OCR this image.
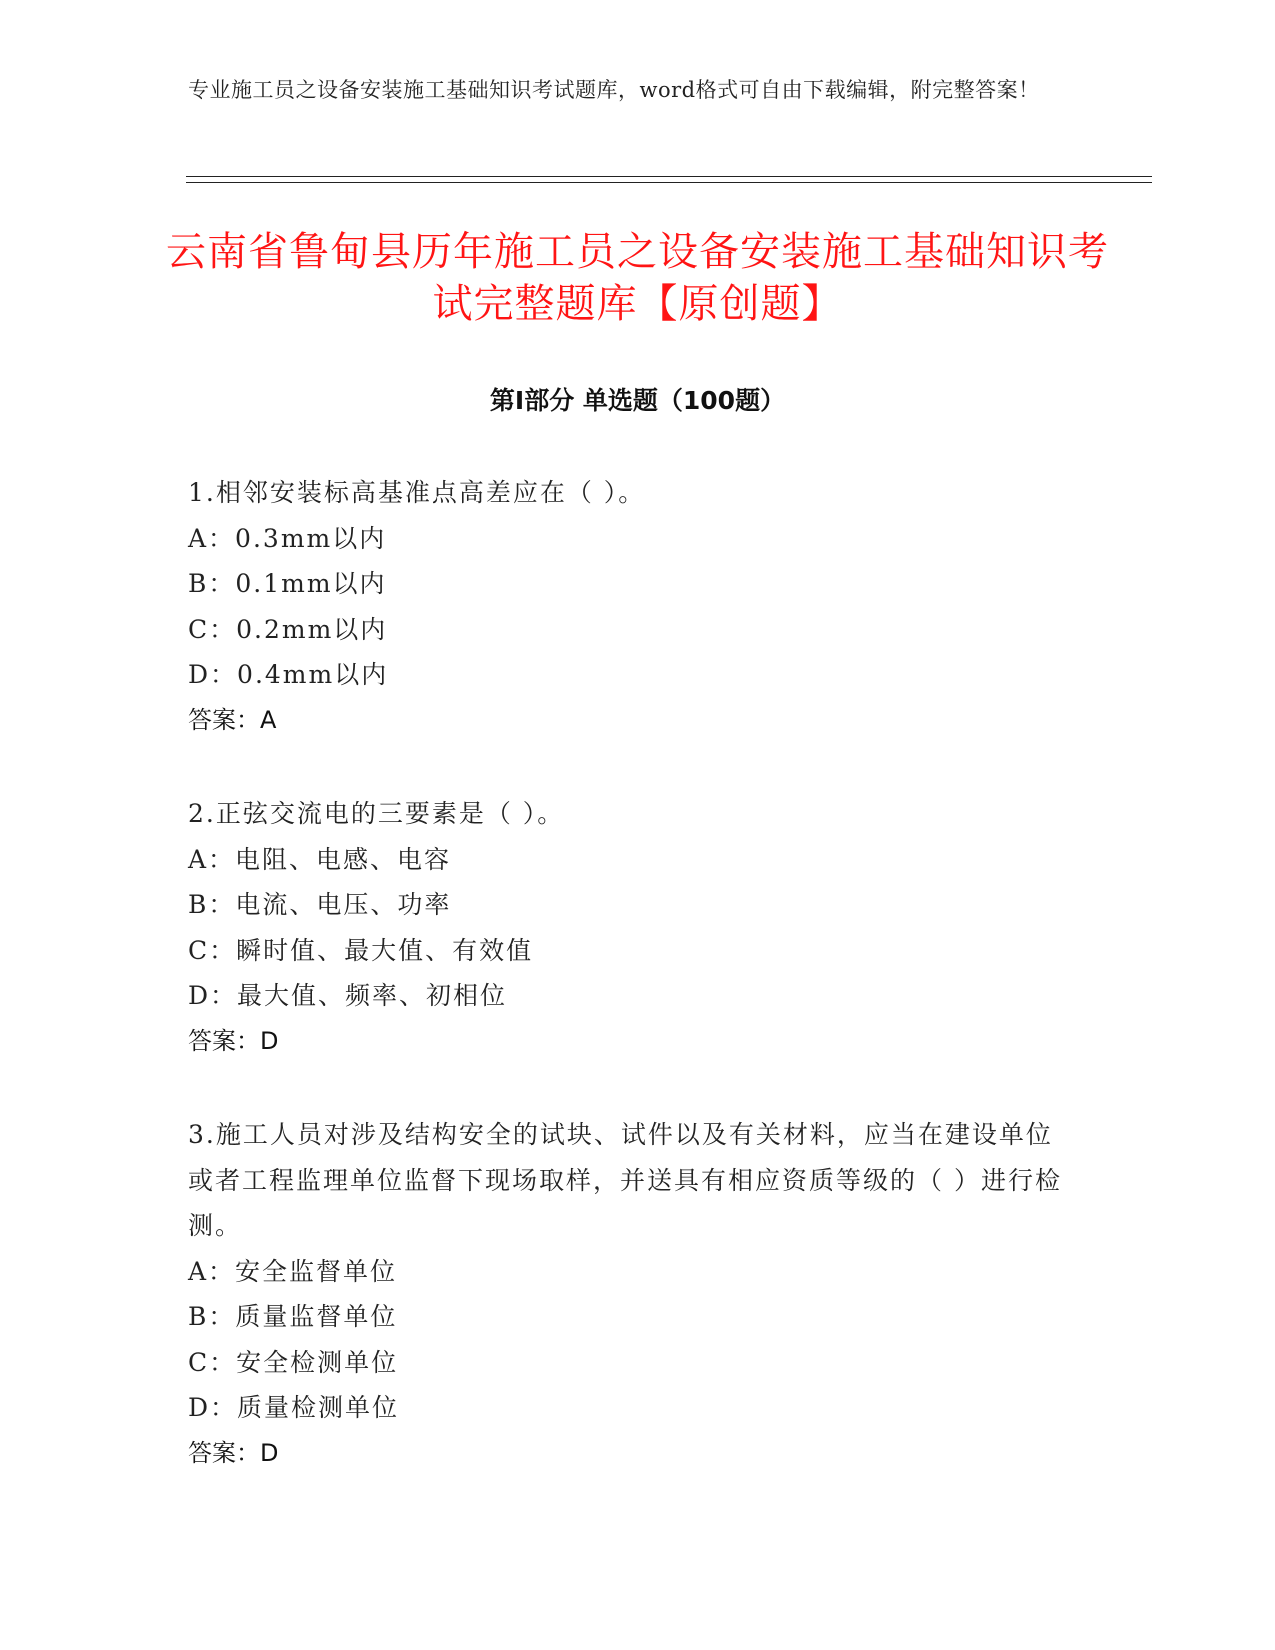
专业施工员之设备安装施工基础知识考试题库，word格式可自由下载编辑，附完整答案！
云南省鲁甸县历年施工员之设备安装施工基础知识考试完整题库【原创题】
第Ⅰ部分 单选题（100题）
1.相邻安装标高基准点高差应在（ ）。
A：0.3mm以内
B：0.1mm以内
C：0.2mm以内
D：0.4mm以内
答案：A
2.正弦交流电的三要素是（ ）。
A：电阻、电感、电容
B：电流、电压、功率
C：瞬时值、最大值、有效值
D：最大值、频率、初相位
答案：D
3.施工人员对涉及结构安全的试块、试件以及有关材料，应当在建设单位或者工程监理单位监督下现场取样，并送具有相应资质等级的（ ）进行检测。
A：安全监督单位
B：质量监督单位
C：安全检测单位
D：质量检测单位
答案：D
